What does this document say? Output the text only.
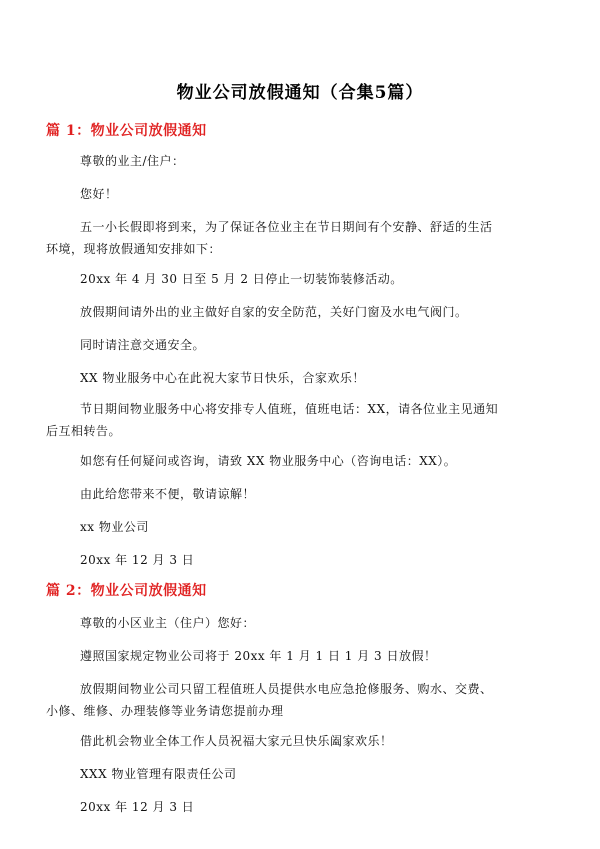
物业公司放假通知（合集5篇）
篇 1：物业公司放假通知
尊敬的业主/住户：
您好！
五一小长假即将到来，为了保证各位业主在节日期间有个安静、舒适的生活
环境，现将放假通知安排如下：
20xx 年 4 月 30 日至 5 月 2 日停止一切装饰装修活动。
放假期间请外出的业主做好自家的安全防范，关好门窗及水电气阀门。
同时请注意交通安全。
XX 物业服务中心在此祝大家节日快乐，合家欢乐！
节日期间物业服务中心将安排专人值班，值班电话：XX，请各位业主见通知
后互相转告。
如您有任何疑问或咨询，请致 XX 物业服务中心（咨询电话：XX）。
由此给您带来不便，敬请谅解！
xx 物业公司
20xx 年 12 月 3 日
篇 2：物业公司放假通知
尊敬的小区业主（住户）您好：
遵照国家规定物业公司将于 20xx 年 1 月 1 日 1 月 3 日放假！
放假期间物业公司只留工程值班人员提供水电应急抢修服务、购水、交费、
小修、维修、办理装修等业务请您提前办理
借此机会物业全体工作人员祝福大家元旦快乐阖家欢乐！
XXX 物业管理有限责任公司
20xx 年 12 月 3 日
